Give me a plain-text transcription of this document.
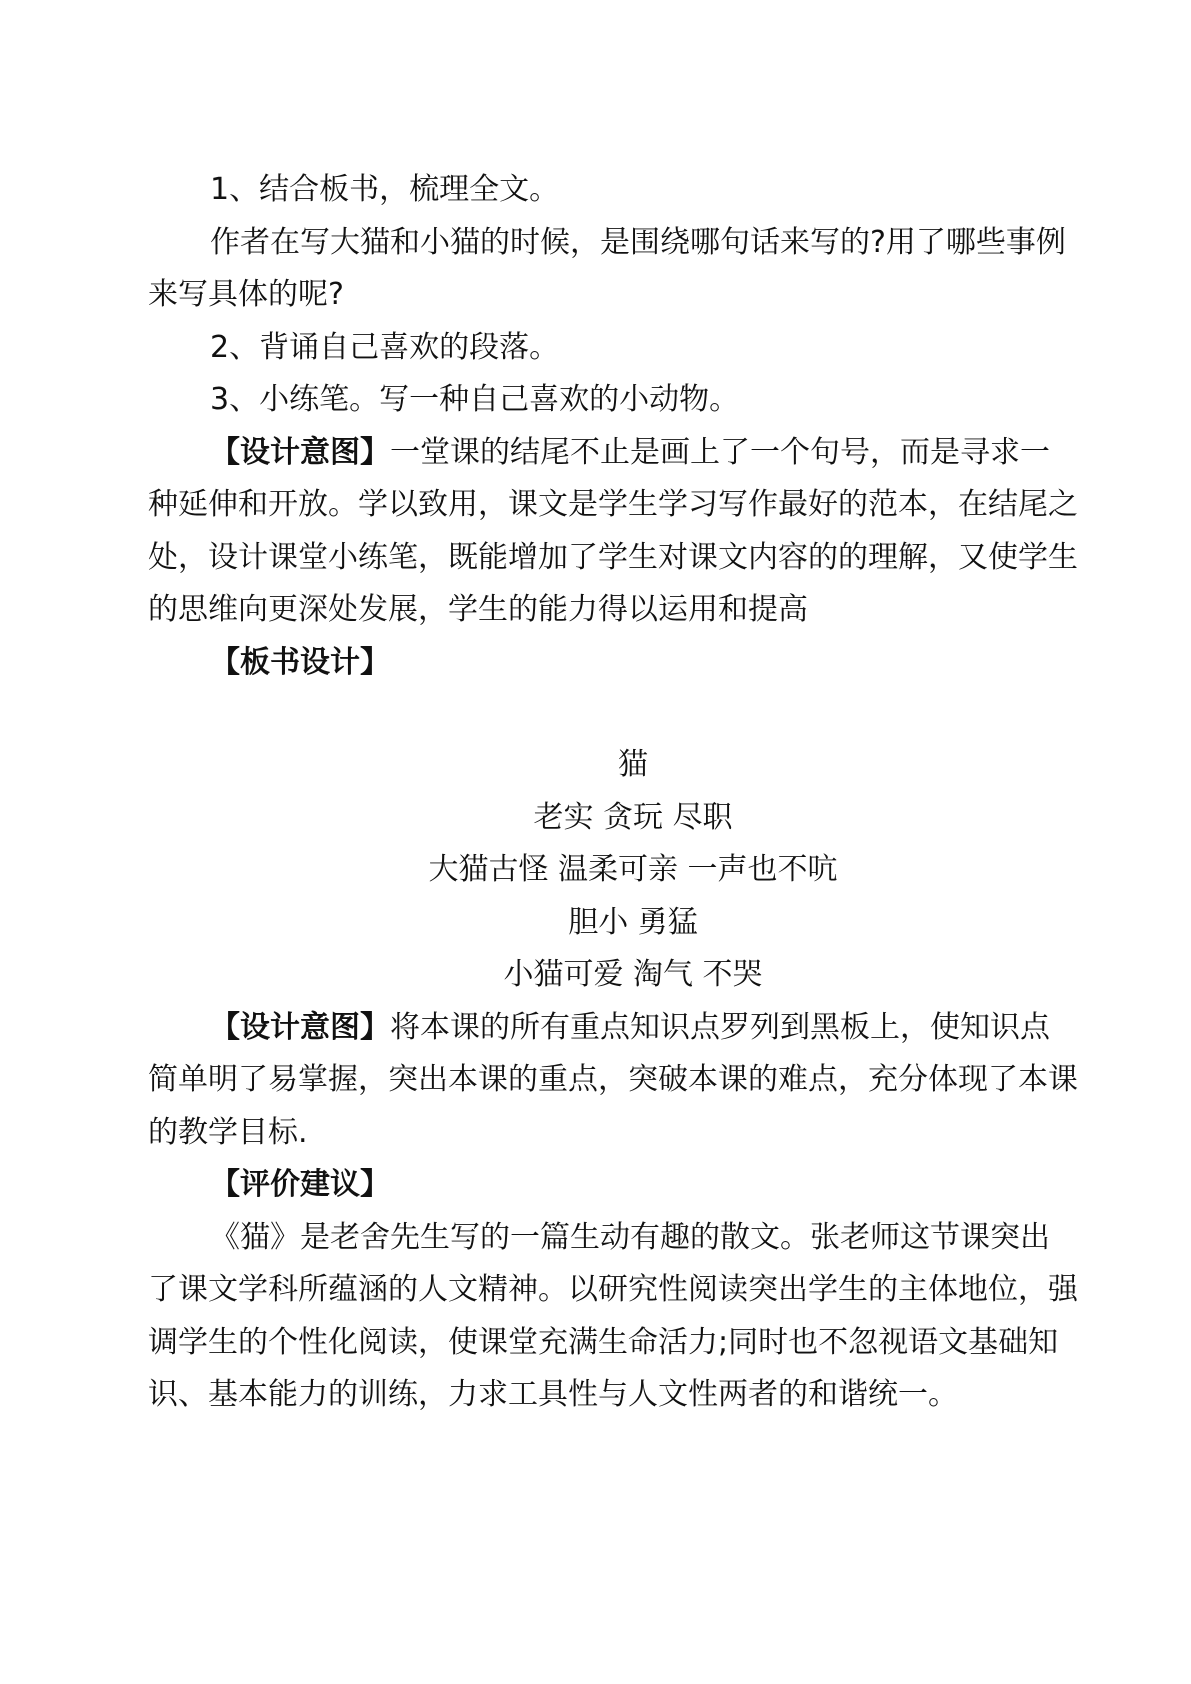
1、结合板书，梳理全文。

作者在写大猫和小猫的时候，是围绕哪句话来写的?用了哪些事例来写具体的呢?

2、背诵自己喜欢的段落。

3、小练笔。写一种自己喜欢的小动物。

【设计意图】一堂课的结尾不止是画上了一个句号，而是寻求一种延伸和开放。学以致用，课文是学生学习写作最好的范本，在结尾之处，设计课堂小练笔，既能增加了学生对课文内容的的理解，又使学生的思维向更深处发展，学生的能力得以运用和提高

【板书设计】

猫

老实 贪玩 尽职

大猫古怪 温柔可亲 一声也不吭

胆小 勇猛

小猫可爱 淘气 不哭

【设计意图】将本课的所有重点知识点罗列到黑板上，使知识点简单明了易掌握，突出本课的重点，突破本课的难点，充分体现了本课的教学目标.

【评价建议】

《猫》是老舍先生写的一篇生动有趣的散文。张老师这节课突出了课文学科所蕴涵的人文精神。以研究性阅读突出学生的主体地位，强调学生的个性化阅读，使课堂充满生命活力;同时也不忽视语文基础知识、基本能力的训练，力求工具性与人文性两者的和谐统一。
